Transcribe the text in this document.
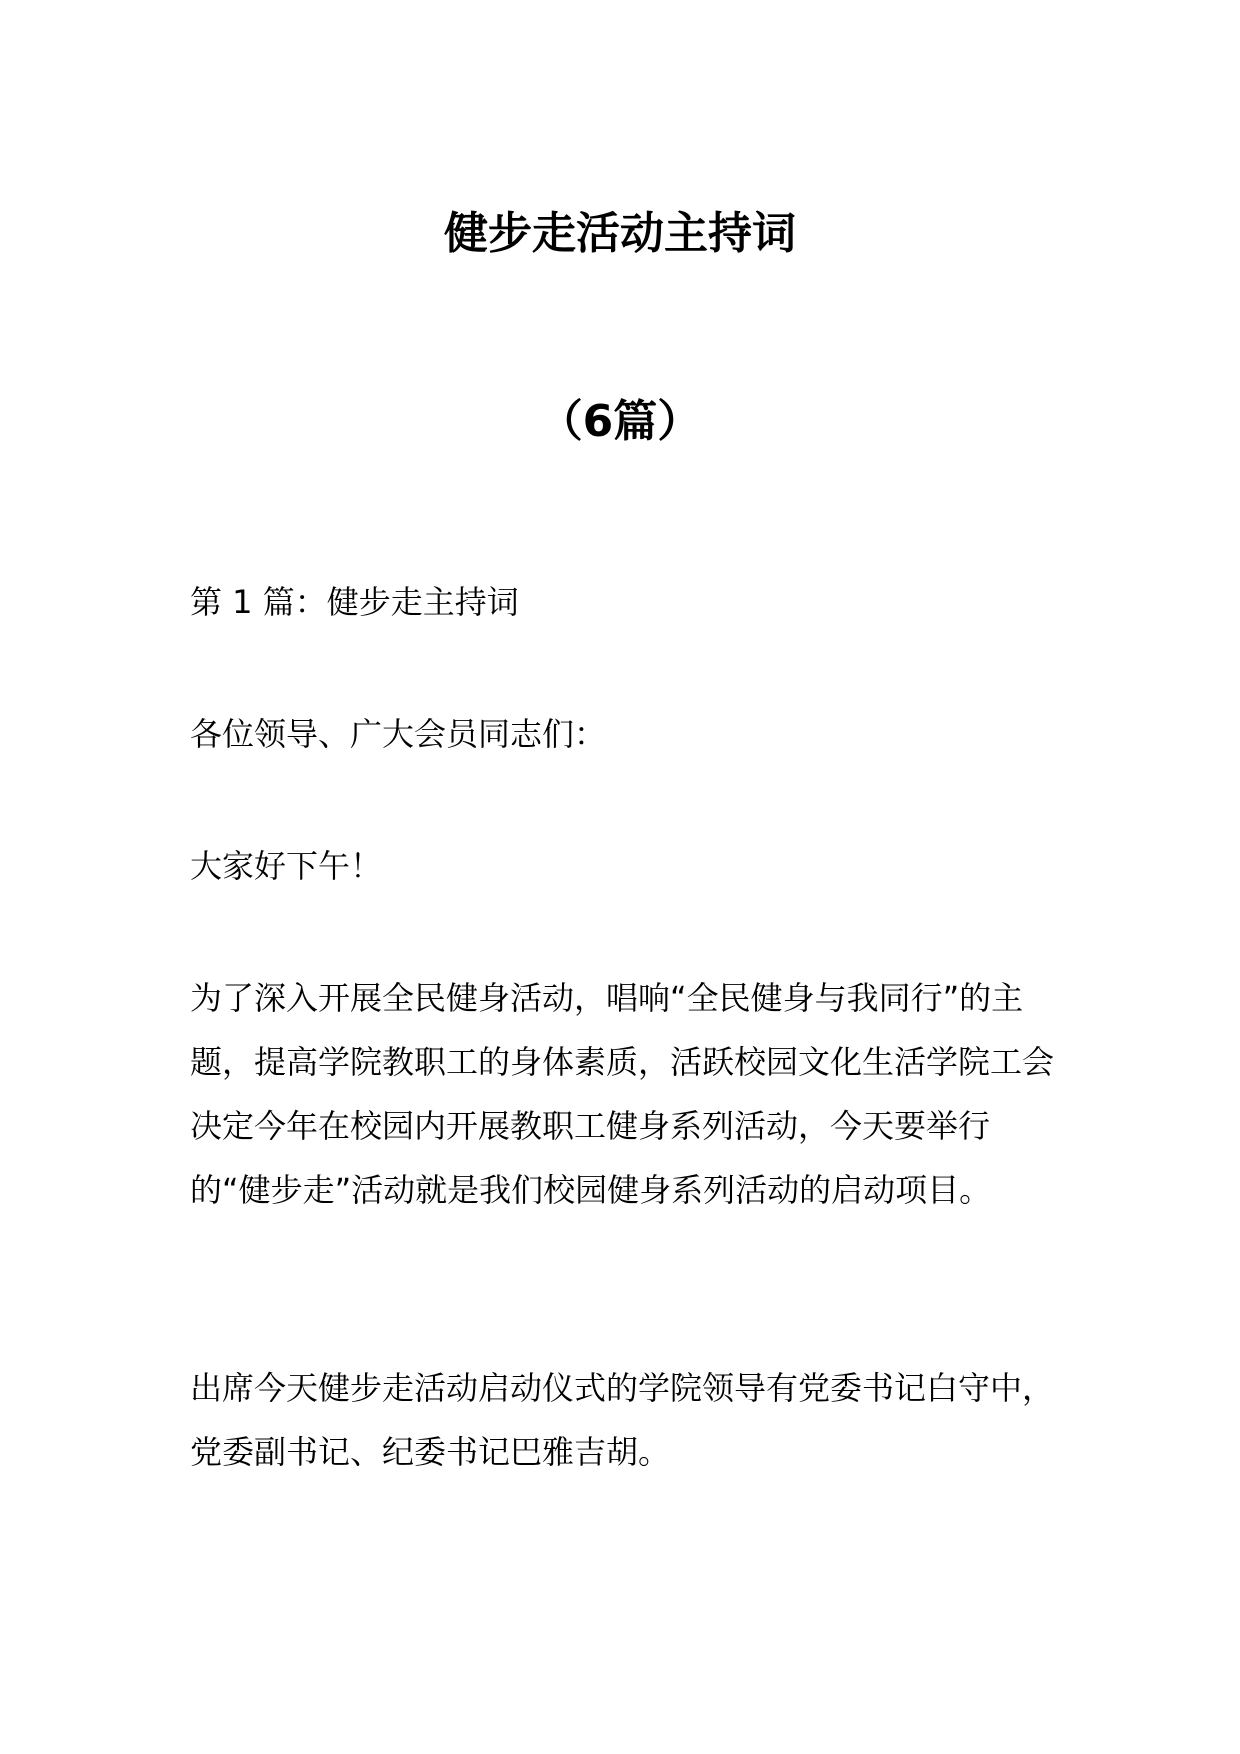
健步走活动主持词
（6篇）

第 1 篇：健步走主持词

各位领导、广大会员同志们：

大家好下午！

为了深入开展全民健身活动，唱响“全民健身与我同行”的主题，提高学院教职工的身体素质，活跃校园文化生活学院工会决定今年在校园内开展教职工健身系列活动，今天要举行的“健步走”活动就是我们校园健身系列活动的启动项目。

出席今天健步走活动启动仪式的学院领导有党委书记白守中，党委副书记、纪委书记巴雅吉胡。
